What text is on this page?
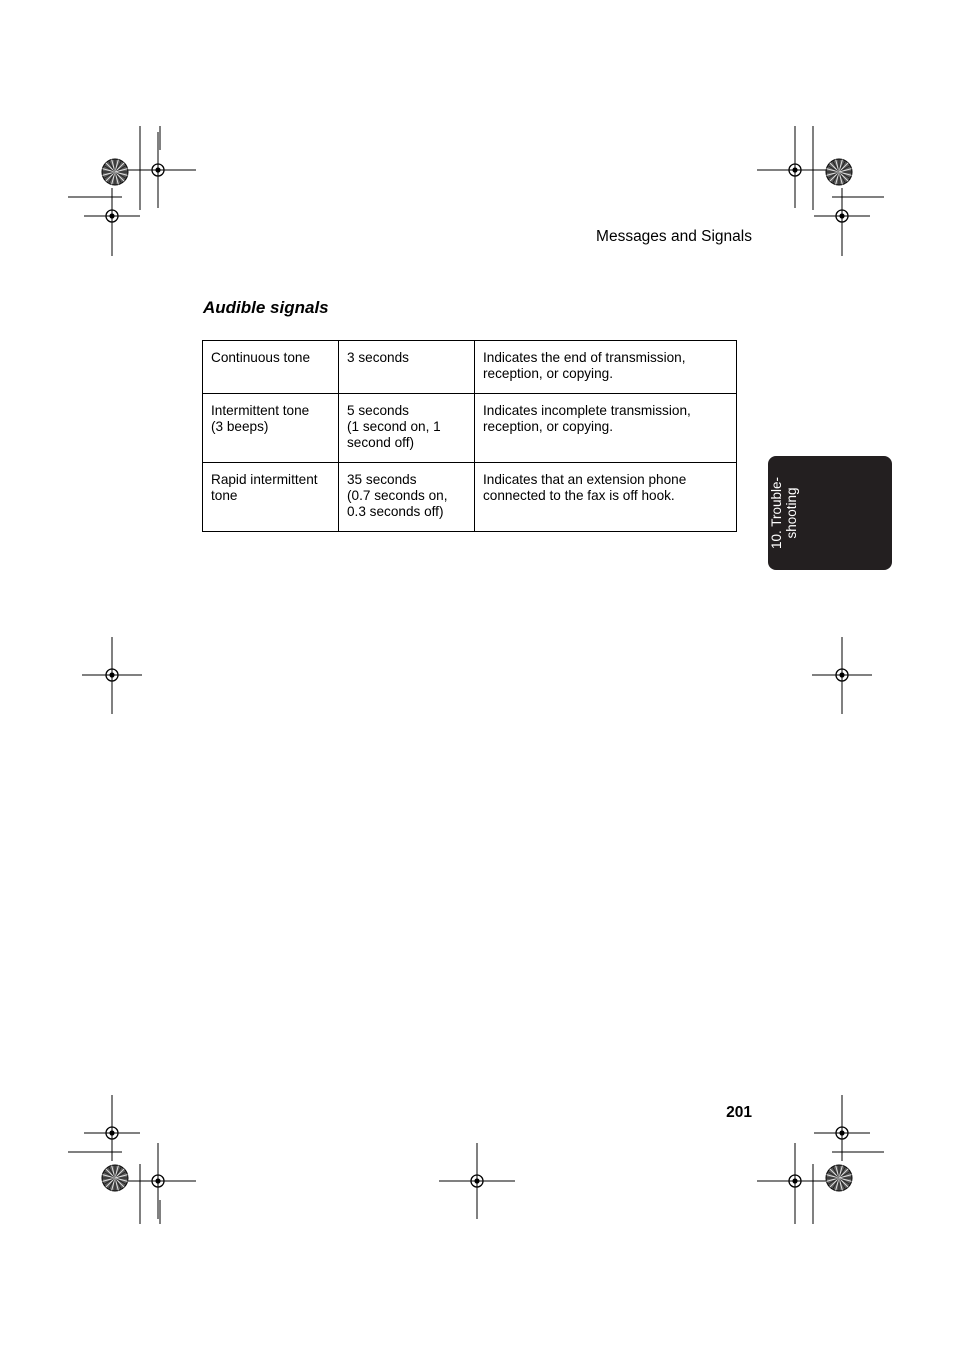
Messages and Signals
Audible signals
Continuous tone	3 seconds	Indicates the end of transmission,
reception, or copying.

Intermittent tone
(3 beeps)	5 seconds
(1 second on, 1
second off)	Indicates incomplete transmission,
reception, or copying.

Rapid intermittent
tone	35 seconds
(0.7 seconds on,
0.3 seconds off)	Indicates that an extension phone
connected to the fax is off hook.	10. Trouble- shooting
201
